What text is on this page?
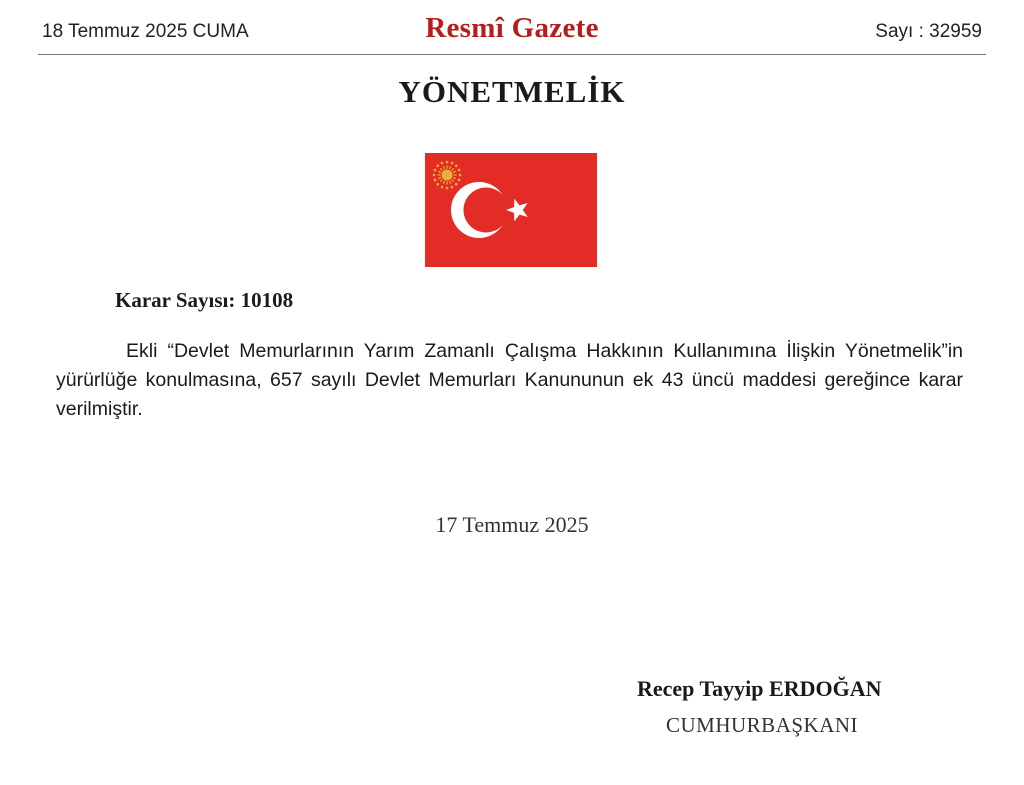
18 Temmuz 2025 CUMA	Resmî Gazete	Sayı : 32959
YÖNETMELİK
Karar Sayısı: 10108
Ekli “Devlet Memurlarının Yarım Zamanlı Çalışma Hakkının Kullanımına İlişkin Yönetmelik”in yürürlüğe konulmasına, 657 sayılı Devlet Memurları Kanununun ek 43 üncü maddesi gereğince karar verilmiştir.
17 Temmuz 2025
Recep Tayyip ERDOĞAN
CUMHURBAŞKANI
